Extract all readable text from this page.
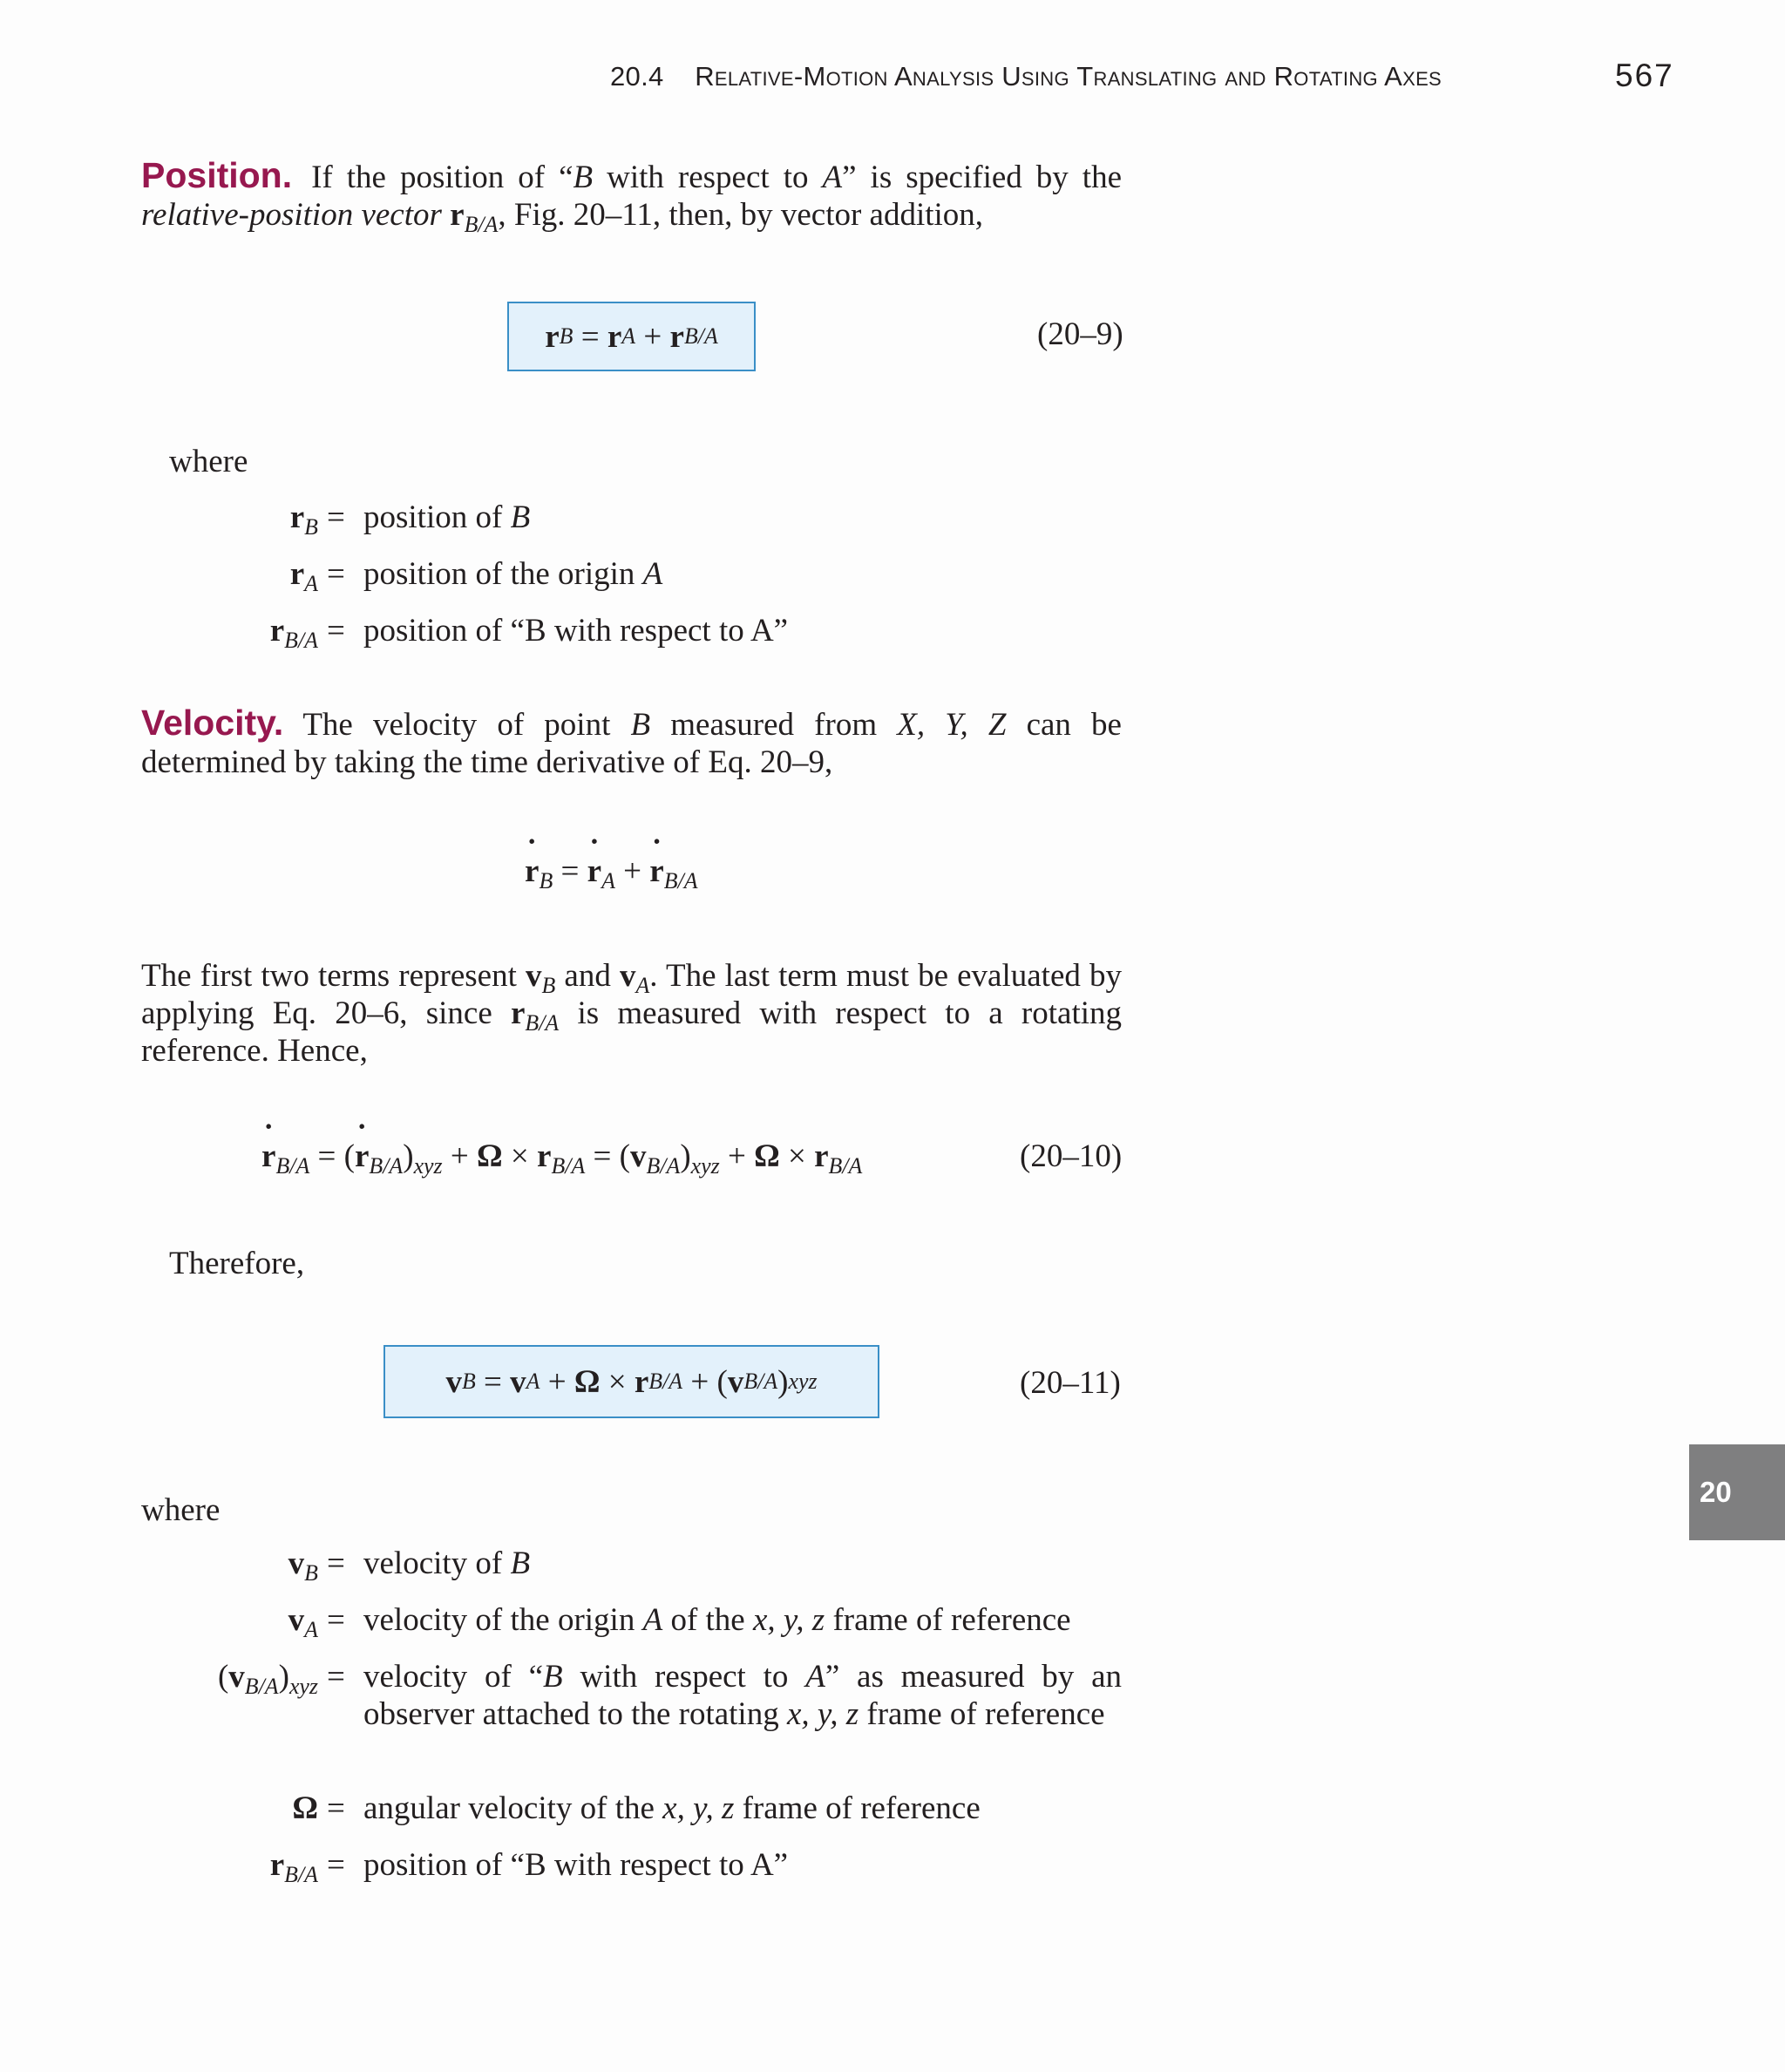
20.4 Relative-Motion Analysis Using Translating and Rotating Axes	567
Position. If the position of “B with respect to A” is specified by the relative-position vector $r_{B/A}$, Fig. 20–11, then, by vector addition,
r B
=
r A
+
r B/A	(20–9)
where
$r_B$ = position of B
$r_A$ = position of the origin A
$r_{B/A}$ = position of “B with respect to A”
Velocity. The velocity of point B measured from X, Y, Z can be determined by taking the time derivative of Eq. 20–9,
˙ $r_B$ = ˙ $r_A$ + ˙ $r_{B/A}$
The first two terms represent $v_B$ and $v_A$. The last term must be evaluated by applying Eq. 20–6, since $r_{B/A}$ is measured with respect to a rotating reference. Hence,
˙ $r_{B/A}$ = (˙ $r_{B/A})_{xyz} + \Omega \times r_{B/A} = (v_{B/A})_{xyz} + \Omega \times r_{B/A}$	(20–10)
Therefore,
v B
=
v A
+
Ω
×
r B/A
+
( v B/A ) xyz	(20–11)
where
$v_B$ = velocity of B
$v_A$ = velocity of the origin A of the x, y, z frame of reference
$(v_{B/A})_{xyz}$ = velocity of “B with respect to A” as measured by an observer attached to the rotating x, y, z frame of reference
Ω = angular velocity of the x, y, z frame of reference
$r_{B/A}$ = position of “B with respect to A”
20
